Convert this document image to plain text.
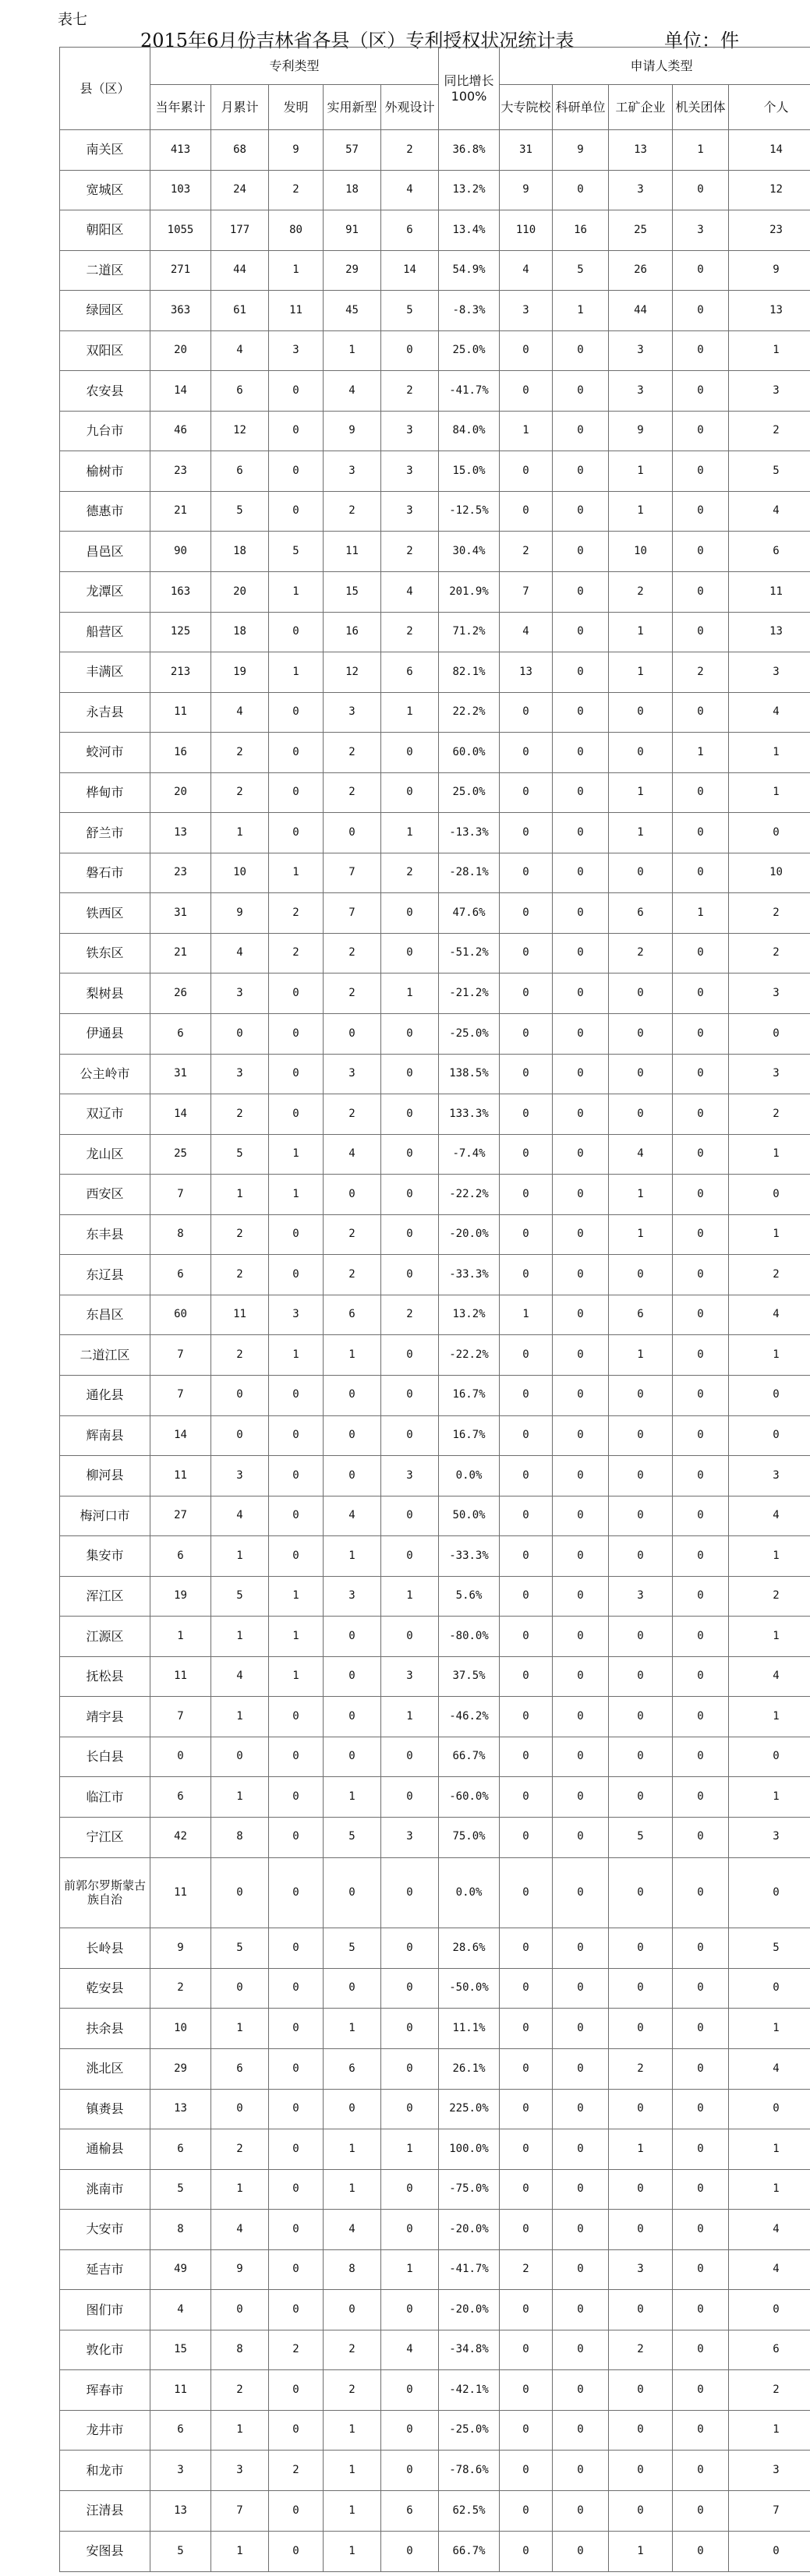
表七
2015年6月份吉林省各县（区）专利授权状况统计表	单位：件
县（区）	专利类型					同比增长100%	申请人类型				
	当年累计	月累计	发明	实用新型	外观设计		大专院校	科研单位	工矿企业	机关团体	个人
南关区	413	68	9	57	2	36.8%	31	9	13	1	14
宽城区	103	24	2	18	4	13.2%	9	0	3	0	12
朝阳区	1055	177	80	91	6	13.4%	110	16	25	3	23
二道区	271	44	1	29	14	54.9%	4	5	26	0	9
绿园区	363	61	11	45	5	-8.3%	3	1	44	0	13
双阳区	20	4	3	1	0	25.0%	0	0	3	0	1
农安县	14	6	0	4	2	-41.7%	0	0	3	0	3
九台市	46	12	0	9	3	84.0%	1	0	9	0	2
榆树市	23	6	0	3	3	15.0%	0	0	1	0	5
德惠市	21	5	0	2	3	-12.5%	0	0	1	0	4
昌邑区	90	18	5	11	2	30.4%	2	0	10	0	6
龙潭区	163	20	1	15	4	201.9%	7	0	2	0	11
船营区	125	18	0	16	2	71.2%	4	0	1	0	13
丰满区	213	19	1	12	6	82.1%	13	0	1	2	3
永吉县	11	4	0	3	1	22.2%	0	0	0	0	4
蛟河市	16	2	0	2	0	60.0%	0	0	0	1	1
桦甸市	20	2	0	2	0	25.0%	0	0	1	0	1
舒兰市	13	1	0	0	1	-13.3%	0	0	1	0	0
磐石市	23	10	1	7	2	-28.1%	0	0	0	0	10
铁西区	31	9	2	7	0	47.6%	0	0	6	1	2
铁东区	21	4	2	2	0	-51.2%	0	0	2	0	2
梨树县	26	3	0	2	1	-21.2%	0	0	0	0	3
伊通县	6	0	0	0	0	-25.0%	0	0	0	0	0
公主岭市	31	3	0	3	0	138.5%	0	0	0	0	3
双辽市	14	2	0	2	0	133.3%	0	0	0	0	2
龙山区	25	5	1	4	0	-7.4%	0	0	4	0	1
西安区	7	1	1	0	0	-22.2%	0	0	1	0	0
东丰县	8	2	0	2	0	-20.0%	0	0	1	0	1
东辽县	6	2	0	2	0	-33.3%	0	0	0	0	2
东昌区	60	11	3	6	2	13.2%	1	0	6	0	4
二道江区	7	2	1	1	0	-22.2%	0	0	1	0	1
通化县	7	0	0	0	0	16.7%	0	0	0	0	0
辉南县	14	0	0	0	0	16.7%	0	0	0	0	0
柳河县	11	3	0	0	3	0.0%	0	0	0	0	3
梅河口市	27	4	0	4	0	50.0%	0	0	0	0	4
集安市	6	1	0	1	0	-33.3%	0	0	0	0	1
浑江区	19	5	1	3	1	5.6%	0	0	3	0	2
江源区	1	1	1	0	0	-80.0%	0	0	0	0	1
抚松县	11	4	1	0	3	37.5%	0	0	0	0	4
靖宇县	7	1	0	0	1	-46.2%	0	0	0	0	1
长白县	0	0	0	0	0	66.7%	0	0	0	0	0
临江市	6	1	0	1	0	-60.0%	0	0	0	0	1
宁江区	42	8	0	5	3	75.0%	0	0	5	0	3
前郭尔罗斯蒙古族自治	11	0	0	0	0	0.0%	0	0	0	0	0
长岭县	9	5	0	5	0	28.6%	0	0	0	0	5
乾安县	2	0	0	0	0	-50.0%	0	0	0	0	0
扶余县	10	1	0	1	0	11.1%	0	0	0	0	1
洮北区	29	6	0	6	0	26.1%	0	0	2	0	4
镇赉县	13	0	0	0	0	225.0%	0	0	0	0	0
通榆县	6	2	0	1	1	100.0%	0	0	1	0	1
洮南市	5	1	0	1	0	-75.0%	0	0	0	0	1
大安市	8	4	0	4	0	-20.0%	0	0	0	0	4
延吉市	49	9	0	8	1	-41.7%	2	0	3	0	4
图们市	4	0	0	0	0	-20.0%	0	0	0	0	0
敦化市	15	8	2	2	4	-34.8%	0	0	2	0	6
珲春市	11	2	0	2	0	-42.1%	0	0	0	0	2
龙井市	6	1	0	1	0	-25.0%	0	0	0	0	1
和龙市	3	3	2	1	0	-78.6%	0	0	0	0	3
汪清县	13	7	0	1	6	62.5%	0	0	0	0	7
安图县	5	1	0	1	0	66.7%	0	0	1	0	0
